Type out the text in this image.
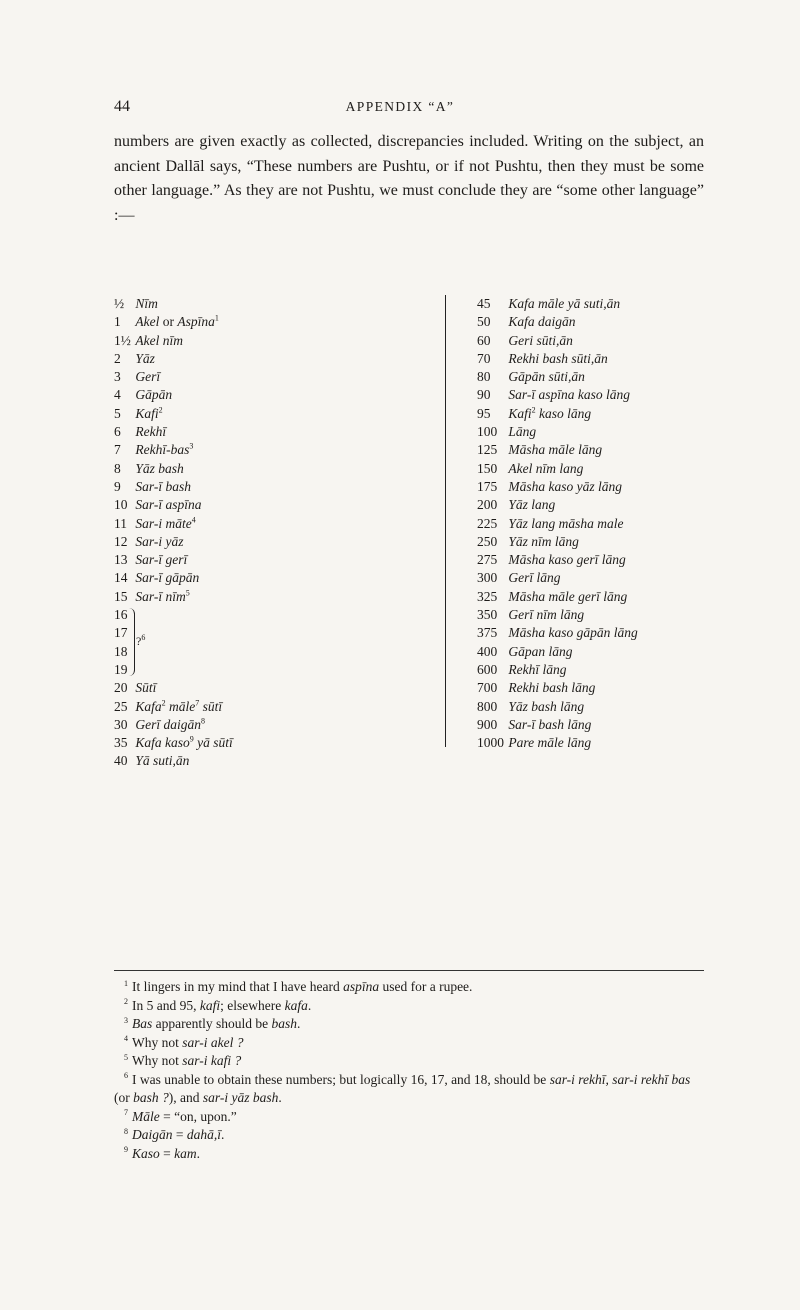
44	APPENDIX “A”

numbers are given exactly as collected, discrepancies included. Writing on the subject, an ancient Dallāl says, “These numbers are Pushtu, or if not Pushtu, then they must be some other language.” As they are not Pushtu, we must conclude they are “some other language” :—

½ Nīm
1 Akel or Aspīna$^1$
1½ Akel nīm
2 Yāz
3 Gerī
4 Gāpān
5 Kafi$^2$
6 Rekhī
7 Rekhī-bas$^3$
8 Yāz bash
9 Sar-ī bash
10 Sar-ī aspīna
11 Sar-i māte$^4$
12 Sar-i yāz
13 Sar-ī gerī
14 Sar-ī gāpān
15 Sar-ī nīm$^5$
16
17
18
19
?$^6$
20 Sūtī
25 Kafa$^2$ māle$^7$ sūtī
30 Gerī daigān$^8$
35 Kafa kaso$^9$ yā sūtī
40 Yā suti,ān
45 Kafa māle yā suti,ān
50 Kafa daigān
60 Geri sūti,ān
70 Rekhi bash sūti,ān
80 Gāpān sūti,ān
90 Sar-ī aspīna kaso lāng
95 Kafi$^2$ kaso lāng
100 Lāng
125 Māsha māle lāng
150 Akel nīm lang
175 Māsha kaso yāz lāng
200 Yāz lang
225 Yāz lang māsha male
250 Yāz nīm lāng
275 Māsha kaso gerī lāng
300 Gerī lāng
325 Māsha māle gerī lāng
350 Gerī nīm lāng
375 Māsha kaso gāpān lāng
400 Gāpan lāng
600 Rekhī lāng
700 Rekhi bash lāng
800 Yāz bash lāng
900 Sar-ī bash lāng
1000 Pare māle lāng

$^1$ It lingers in my mind that I have heard aspīna used for a rupee.

$^2$ In 5 and 95, kafi; elsewhere kafa.

$^3$ Bas apparently should be bash.

$^4$ Why not sar-i akel ?

$^5$ Why not sar-i kafi ?

$^6$ I was unable to obtain these numbers; but logically 16, 17, and 18, should be sar-i rekhī, sar-i rekhī bas (or bash ?), and sar-i yāz bash.

$^7$ Māle = “on, upon.”

$^8$ Daigān = dahā,ī.

$^9$ Kaso = kam.
